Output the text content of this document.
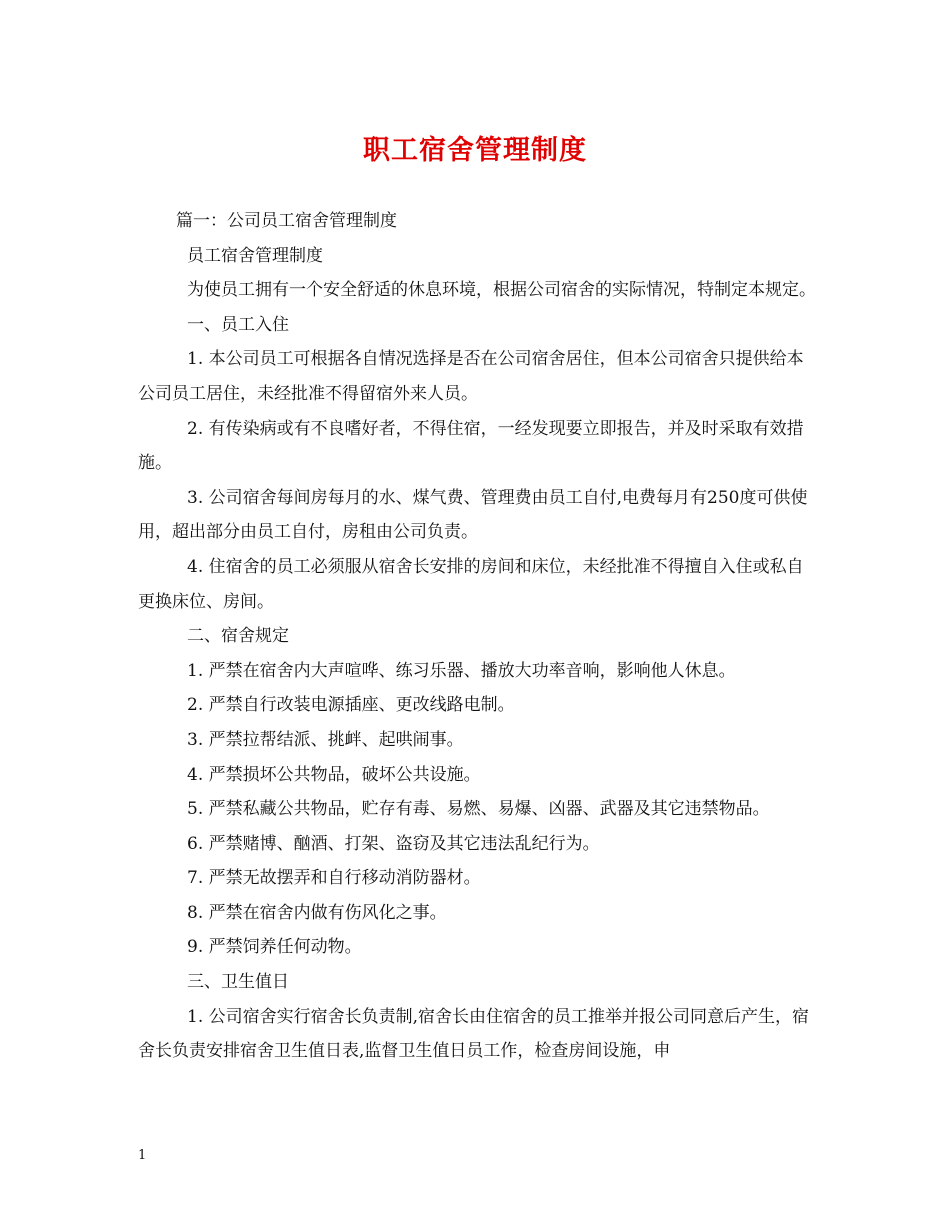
职工宿舍管理制度

篇一：公司员工宿舍管理制度

员工宿舍管理制度

为使员工拥有一个安全舒适的休息环境，根据公司宿舍的实际情况，特制定本规定。

一、员工入住

1. 本公司员工可根据各自情况选择是否在公司宿舍居住，但本公司宿舍只提供给本公司员工居住，未经批准不得留宿外来人员。

2. 有传染病或有不良嗜好者，不得住宿，一经发现要立即报告，并及时采取有效措施。

3. 公司宿舍每间房每月的水、煤气费、管理费由员工自付,电费每月有250度可供使用，超出部分由员工自付，房租由公司负责。

4. 住宿舍的员工必须服从宿舍长安排的房间和床位，未经批准不得擅自入住或私自更换床位、房间。

二、宿舍规定

1. 严禁在宿舍内大声喧哗、练习乐器、播放大功率音响，影响他人休息。

2. 严禁自行改装电源插座、更改线路电制。

3. 严禁拉帮结派、挑衅、起哄闹事。

4. 严禁损坏公共物品，破坏公共设施。

5. 严禁私藏公共物品，贮存有毒、易燃、易爆、凶器、武器及其它违禁物品。

6. 严禁赌博、酗酒、打架、盗窃及其它违法乱纪行为。

7. 严禁无故摆弄和自行移动消防器材。

8. 严禁在宿舍内做有伤风化之事。

9. 严禁饲养任何动物。

三、卫生值日

1. 公司宿舍实行宿舍长负责制,宿舍长由住宿舍的员工推举并报公司同意后产生，宿舍长负责安排宿舍卫生值日表,监督卫生值日员工作，检查房间设施，申

1
